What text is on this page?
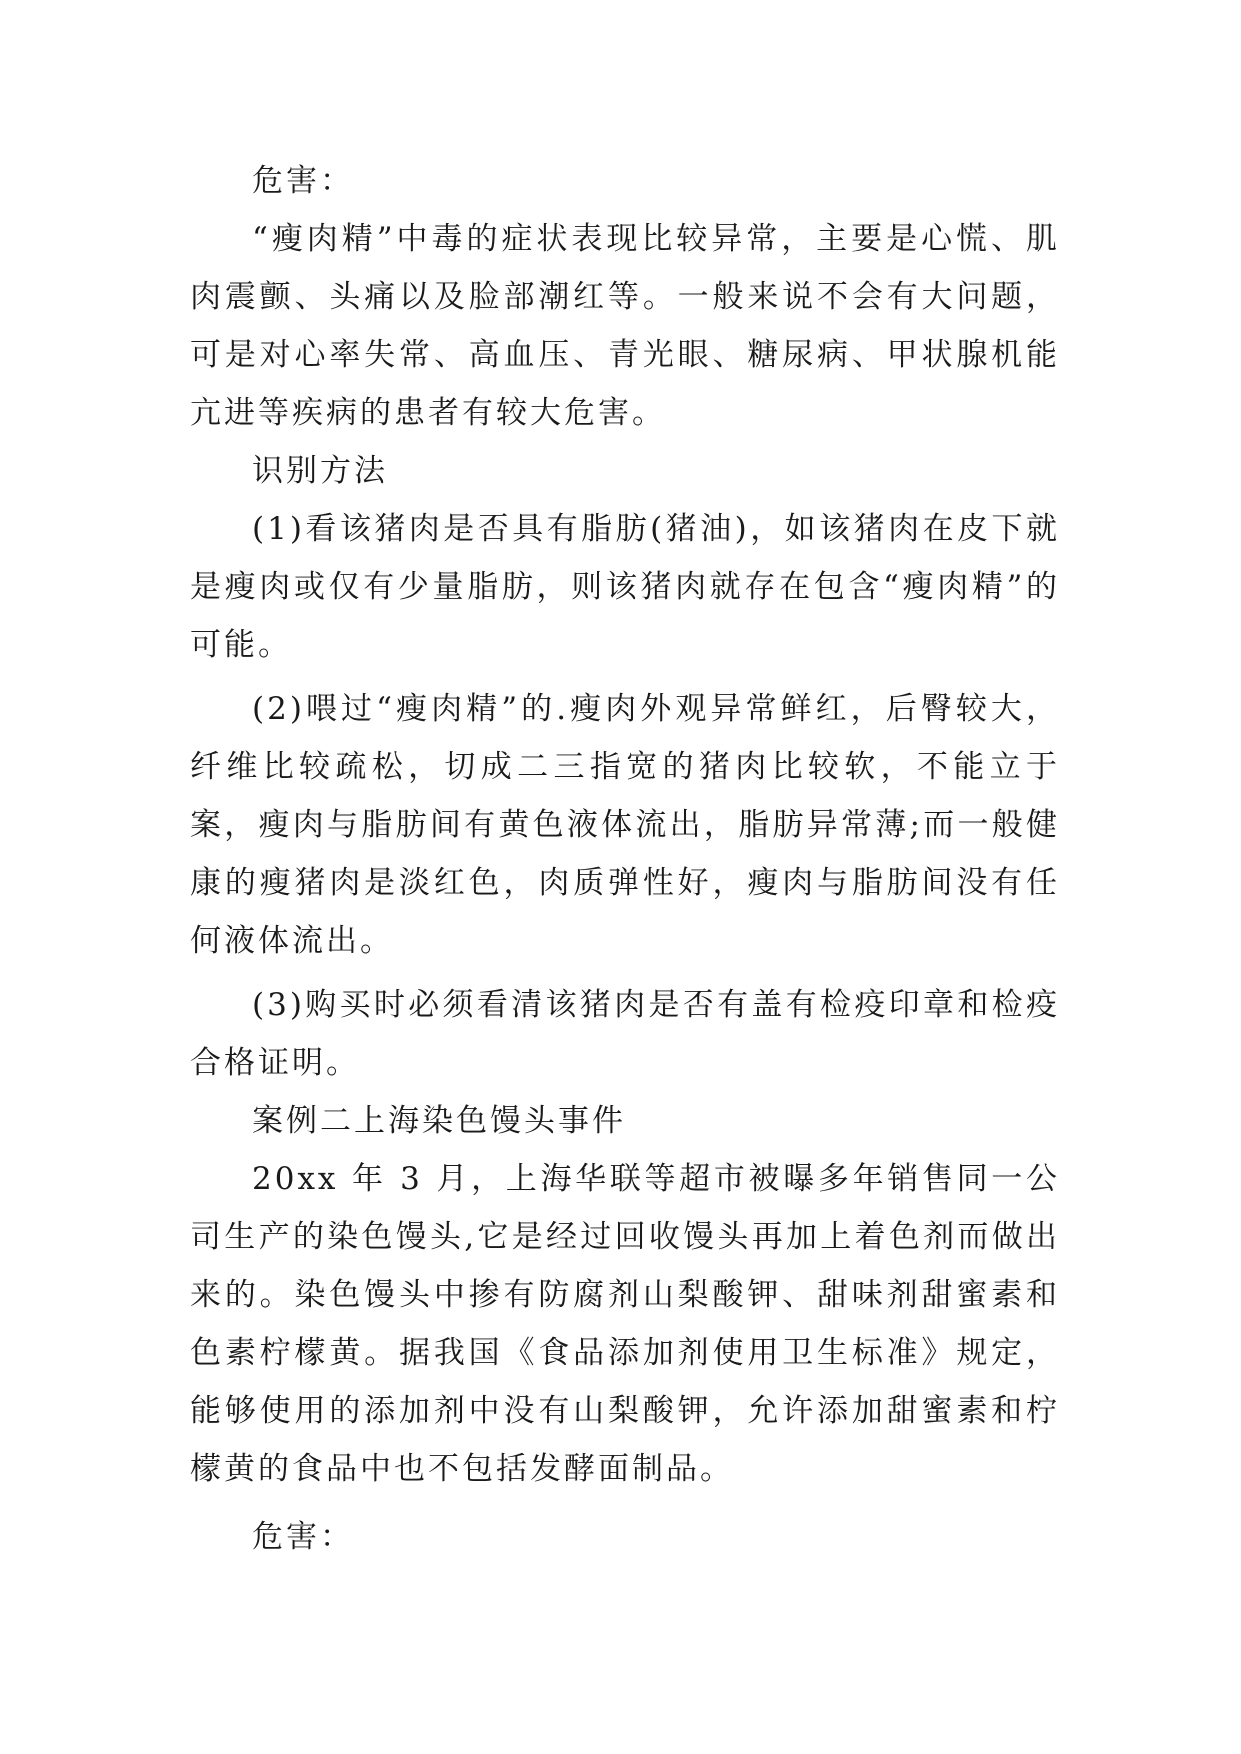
危害：

“瘦肉精”中毒的症状表现比较异常，主要是心慌、肌肉震颤、头痛以及脸部潮红等。一般来说不会有大问题，可是对心率失常、高血压、青光眼、糖尿病、甲状腺机能亢进等疾病的患者有较大危害。

识别方法

(1)看该猪肉是否具有脂肪(猪油)，如该猪肉在皮下就是瘦肉或仅有少量脂肪，则该猪肉就存在包含“瘦肉精”的可能。

(2)喂过“瘦肉精”的.瘦肉外观异常鲜红，后臀较大，纤维比较疏松，切成二三指宽的猪肉比较软，不能立于案，瘦肉与脂肪间有黄色液体流出，脂肪异常薄;而一般健康的瘦猪肉是淡红色，肉质弹性好，瘦肉与脂肪间没有任何液体流出。

(3)购买时必须看清该猪肉是否有盖有检疫印章和检疫合格证明。

案例二上海染色馒头事件

20xx 年 3 月，上海华联等超市被曝多年销售同一公司生产的染色馒头,它是经过回收馒头再加上着色剂而做出来的。染色馒头中掺有防腐剂山梨酸钾、甜味剂甜蜜素和色素柠檬黄。据我国《食品添加剂使用卫生标准》规定，能够使用的添加剂中没有山梨酸钾，允许添加甜蜜素和柠檬黄的食品中也不包括发酵面制品。

危害：
